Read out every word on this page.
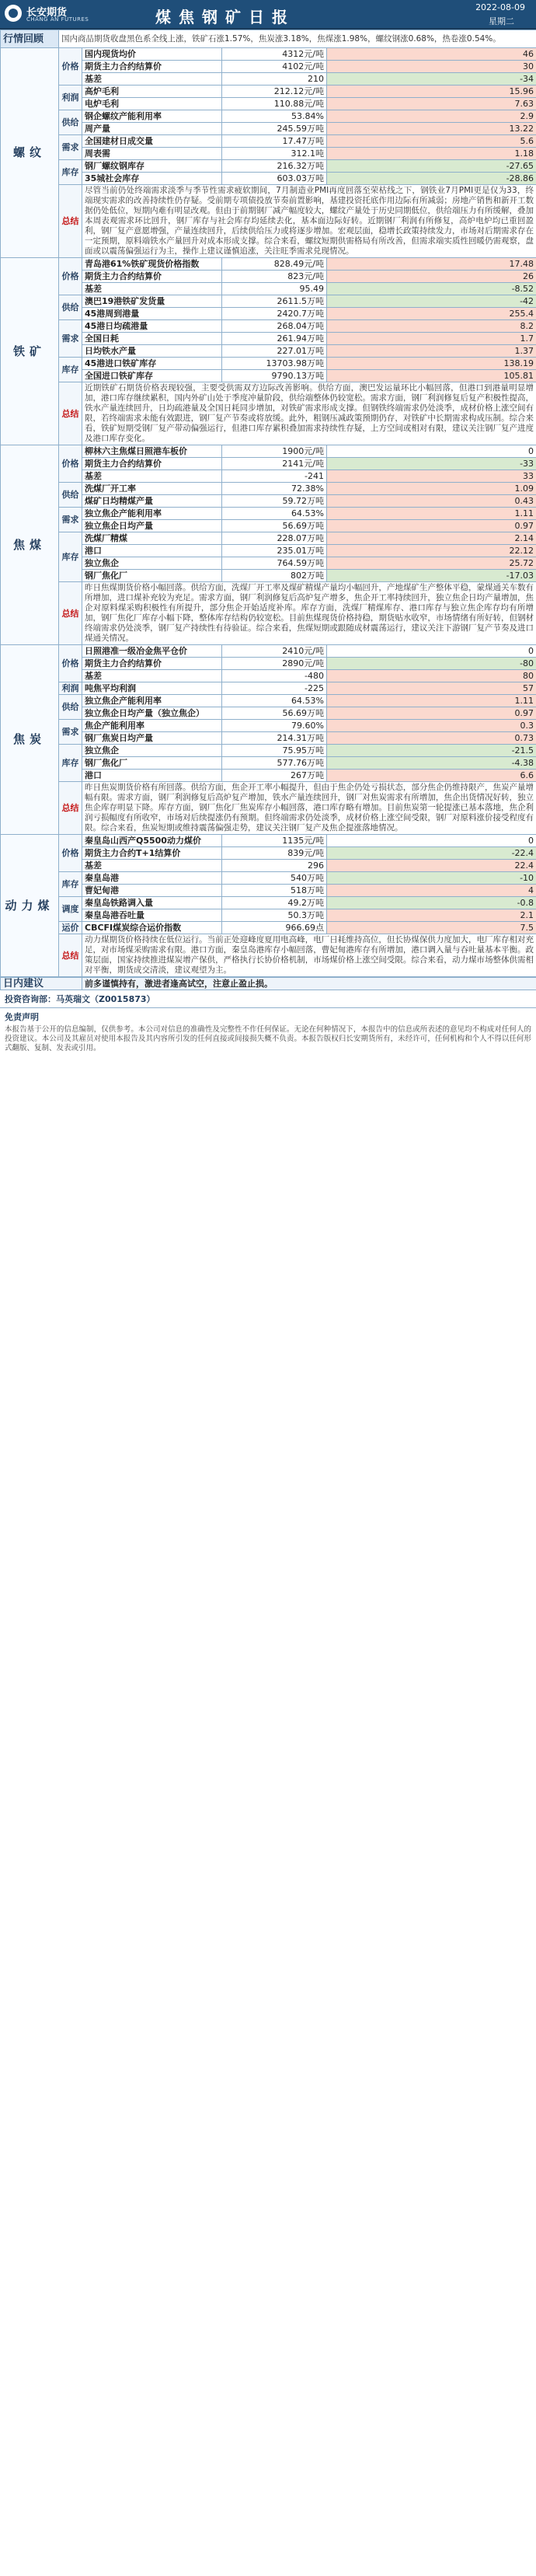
长安期货
CHANG AN FUTURES	煤焦钢矿日报
2022-08-09
星期二
行情回顾	国内商品期货收盘黑色系全线上涨，铁矿石涨1.57%，焦炭涨3.18%，焦煤涨1.98%，螺纹钢涨0.68%，热卷涨0.54%。			
螺纹	价格	国内现货均价	4312元/吨	46
		期货主力合约结算价	4102元/吨	30
		基差	210	-34
	利润	高炉毛利	212.12元/吨	15.96
		电炉毛利	110.88元/吨	7.63
	供给	钢企螺纹产能利用率	53.84%	2.9
		周产量	245.59万吨	13.22
	需求	全国建材日成交量	17.47万吨	5.6
		周表需	312.1吨	1.18
	库存	钢厂螺纹钢库存	216.32万吨	-27.65
		35城社会库存	603.03万吨	-28.86
	总结	尽管当前仍处终端需求淡季与季节性需求疲软期间，7月制造业PMI再度回落至荣枯线之下，钢铁业7月PMI更是仅为33，终端现实需求的改善持续性仍存疑。受前期专项债投放节奏前置影响，基建投资托底作用边际有所减弱；房地产销售和新开工数据仍处低位，短期内难有明显改观。但由于前期钢厂减产幅度较大，螺纹产量处于历史同期低位，供给端压力有所缓解，叠加本周表观需求环比回升，钢厂库存与社会库存均延续去化，基本面边际好转。近期钢厂利润有所修复，高炉电炉均已重回盈利，钢厂复产意愿增强，产量连续回升，后续供给压力或将逐步增加。宏观层面，稳增长政策持续发力，市场对后期需求存在一定预期，原料端铁水产量回升对成本形成支撑。综合来看，螺纹短期供需格局有所改善，但需求端实质性回暖仍需观察，盘面或以震荡偏强运行为主，操作上建议谨慎追涨，关注旺季需求兑现情况。		
铁矿	价格	青岛港61%铁矿现货价格指数	828.49元/吨	17.48
		期货主力合约结算价	823元/吨	26
		基差	95.49	-8.52
	供给	澳巴19港铁矿发货量	2611.5万吨	-42
		45港周到港量	2420.7万吨	255.4
	需求	45港日均疏港量	268.04万吨	8.2
		全国日耗	261.94万吨	1.7
		日均铁水产量	227.01万吨	1.37
	库存	45港进口铁矿库存	13703.98万吨	138.19
		全国进口铁矿库存	9790.13万吨	105.81
	总结	近期铁矿石期货价格表现较强，主要受供需双方边际改善影响。供给方面，澳巴发运量环比小幅回落，但港口到港量明显增加，港口库存继续累积，国内外矿山处于季度冲量阶段，供给端整体仍较宽松。需求方面，钢厂利润修复后复产积极性提高，铁水产量连续回升，日均疏港量及全国日耗同步增加，对铁矿需求形成支撑。但钢铁终端需求仍处淡季，成材价格上涨空间有限，若终端需求未能有效跟进，钢厂复产节奏或将放缓。此外，粗钢压减政策预期仍存，对铁矿中长期需求构成压制。综合来看，铁矿短期受钢厂复产带动偏强运行，但港口库存累积叠加需求持续性存疑，上方空间或相对有限，建议关注钢厂复产进度及港口库存变化。		
焦煤	价格	柳林六主焦煤日照港车板价	1900元/吨	0
		期货主力合约结算价	2141元/吨	-33
		基差	-241	33
	供给	洗煤厂开工率	72.38%	1.09
		煤矿日均精煤产量	59.72万吨	0.43
	需求	独立焦企产能利用率	64.53%	1.11
		独立焦企日均产量	56.69万吨	0.97
	库存	洗煤厂精煤	228.07万吨	2.14
		港口	235.01万吨	22.12
		独立焦企	764.59万吨	25.72
		钢厂焦化厂	802万吨	-17.03
	总结	昨日焦煤期货价格小幅回落。供给方面，洗煤厂开工率及煤矿精煤产量均小幅回升，产地煤矿生产整体平稳，蒙煤通关车数有所增加，进口煤补充较为充足。需求方面，钢厂利润修复后高炉复产增多，焦企开工率持续回升，独立焦企日均产量增加，焦企对原料煤采购积极性有所提升，部分焦企开始适度补库。库存方面，洗煤厂精煤库存、港口库存与独立焦企库存均有所增加，钢厂焦化厂库存小幅下降，整体库存结构仍较宽松。目前焦煤现货价格持稳，期货贴水收窄，市场情绪有所好转，但钢材终端需求仍处淡季，钢厂复产持续性有待验证。综合来看，焦煤短期或跟随成材震荡运行，建议关注下游钢厂复产节奏及进口煤通关情况。		
焦炭	价格	日照港准一级冶金焦平仓价	2410元/吨	0
		期货主力合约结算价	2890元/吨	-80
		基差	-480	80
	利润	吨焦平均利润	-225	57
	供给	独立焦企产能利用率	64.53%	1.11
		独立焦企日均产量（独立焦企）	56.69万吨	0.97
	需求	焦企产能利用率	79.60%	0.3
		钢厂焦炭日均产量	214.31万吨	0.73
	库存	独立焦企	75.95万吨	-21.5
		钢厂焦化厂	577.76万吨	-4.38
		港口	267万吨	6.6
	总结	昨日焦炭期货价格有所回落。供给方面，焦企开工率小幅提升，但由于焦企仍处亏损状态，部分焦企仍维持限产，焦炭产量增幅有限。需求方面，钢厂利润修复后高炉复产增加，铁水产量连续回升，钢厂对焦炭需求有所增加，焦企出货情况好转，独立焦企库存明显下降。库存方面，钢厂焦化厂焦炭库存小幅回落，港口库存略有增加。目前焦炭第一轮提涨已基本落地，焦企利润亏损幅度有所收窄，市场对后续提涨仍有预期。但终端需求仍处淡季，成材价格上涨空间受限，钢厂对原料涨价接受程度有限。综合来看，焦炭短期或维持震荡偏强走势，建议关注钢厂复产及焦企提涨落地情况。		
动力煤	价格	秦皇岛山西产Q5500动力煤价	1135元/吨	0
		期货主力合约T+1结算价	839元/吨	-22.4
		基差	296	22.4
	库存	秦皇岛港	540万吨	-10
		曹妃甸港	518万吨	4
	调度	秦皇岛铁路调入量	49.2万吨	-0.8
		秦皇岛港吞吐量	50.3万吨	2.1
	运价	CBCFI煤炭综合运价指数	966.69点	7.5
	总结	动力煤期货价格持续在低位运行。当前正处迎峰度夏用电高峰，电厂日耗维持高位，但长协煤保供力度加大，电厂库存相对充足，对市场煤采购需求有限。港口方面，秦皇岛港库存小幅回落，曹妃甸港库存有所增加，港口调入量与吞吐量基本平衡。政策层面，国家持续推进煤炭增产保供，严格执行长协价格机制，市场煤价格上涨空间受限。综合来看，动力煤市场整体供需相对平衡，期货成交清淡，建议观望为主。		
日内建议	前多谨慎持有，激进者逢高试空，注意止盈止损。
投资咨询部：马英瑞文（Z0015873）
免责声明
本报告基于公开的信息编制，仅供参考。本公司对信息的准确性及完整性不作任何保证。无论在何种情况下，本报告中的信息或所表述的意见均不构成对任何人的投资建议。本公司及其雇员对使用本报告及其内容所引发的任何直接或间接损失概不负责。本报告版权归长安期货所有，未经许可，任何机构和个人不得以任何形式翻版、复制、发表或引用。
